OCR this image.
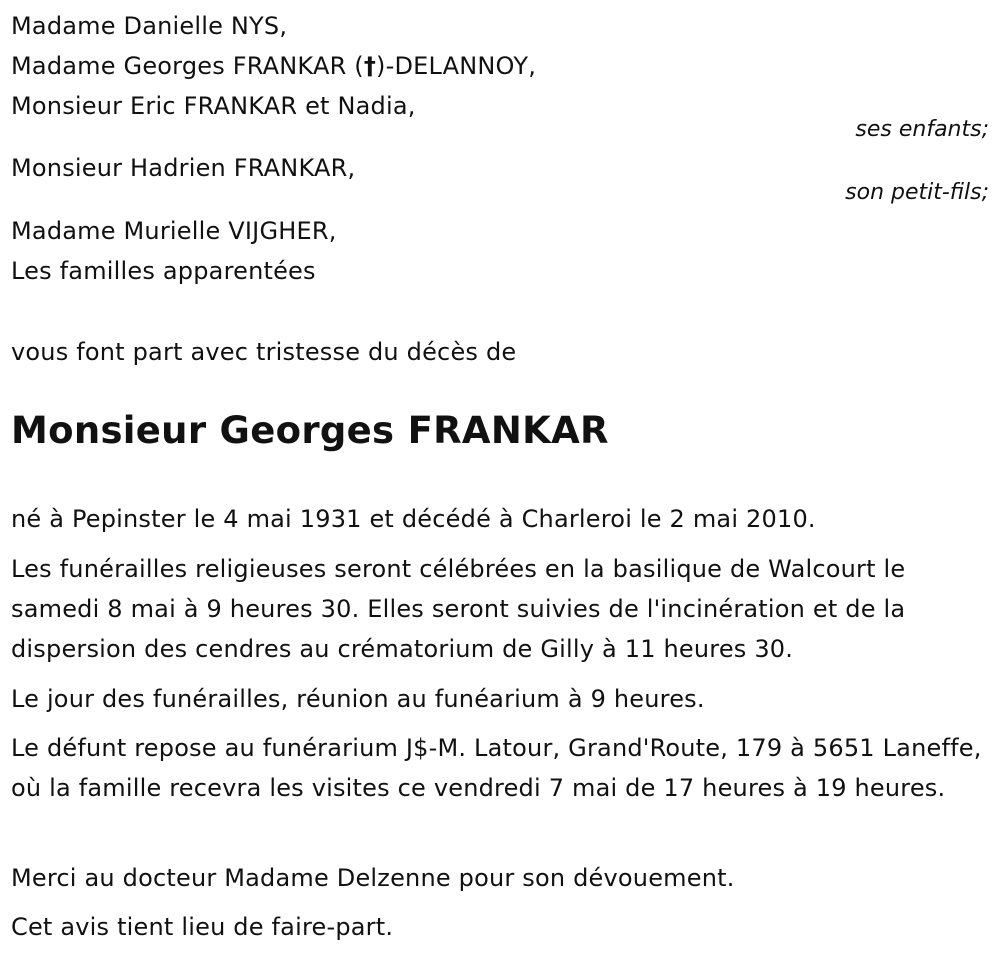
Madame Danielle NYS,
Madame Georges FRANKAR (†)-DELANNOY,
Monsieur Eric FRANKAR et Nadia,
ses enfants;
Monsieur Hadrien FRANKAR,
son petit-fils;
Madame Murielle VIJGHER,
Les familles apparentées
vous font part avec tristesse du décès de
Monsieur Georges FRANKAR
né à Pepinster le 4 mai 1931 et décédé à Charleroi le 2 mai 2010.
Les funérailles religieuses seront célébrées en la basilique de Walcourt le samedi 8 mai à 9 heures 30. Elles seront suivies de l'incinération et de la dispersion des cendres au crématorium de Gilly à 11 heures 30.
Le jour des funérailles, réunion au funéarium à 9 heures.
Le défunt repose au funérarium J$-M. Latour, Grand'Route, 179 à 5651 Laneffe, où la famille recevra les visites ce vendredi 7 mai de 17 heures à 19 heures.
Merci au docteur Madame Delzenne pour son dévouement.
Cet avis tient lieu de faire-part.
